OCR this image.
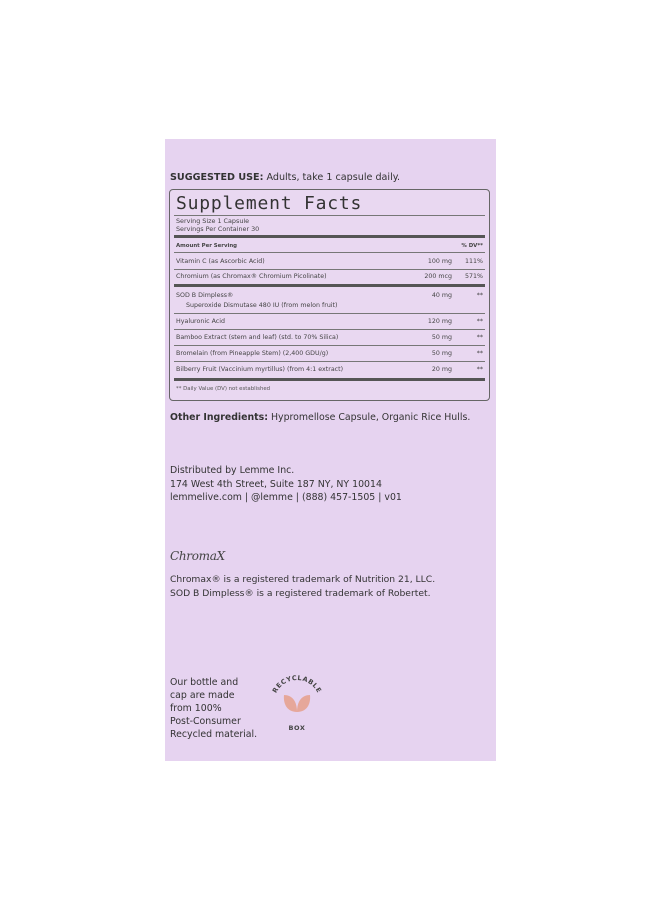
SUGGESTED USE: Adults, take 1 capsule daily.
Supplement Facts
Serving Size 1 Capsule
Servings Per Container 30
Amount Per Serving	% DV**
Vitamin C (as Ascorbic Acid)	100 mg 111%
Chromium (as Chromax® Chromium Picolinate)	200 mcg 571%
SOD B Dimpless®	40 mg	**
Superoxide Dismutase 480 IU (from melon fruit)
Hyaluronic Acid	120 mg	**
Bamboo Extract (stem and leaf) (std. to 70% Silica)	50 mg	**
Bromelain (from Pineapple Stem) (2,400 GDU/g)	50 mg	**
Bilberry Fruit (Vaccinium myrtillus) (from 4:1 extract)	20 mg	**
** Daily Value (DV) not established
Other Ingredients: Hypromellose Capsule, Organic Rice Hulls.
Distributed by Lemme Inc.
174 West 4th Street, Suite 187 NY, NY 10014
lemmelive.com | @lemme | (888) 457-1505 | v01
ChromaX
Chromax® is a registered trademark of Nutrition 21, LLC.
SOD B Dimpless® is a registered trademark of Robertet.
Our bottle and
cap are made
from 100%
Post-Consumer
Recycled material.
RECYCLABLE
BOX
